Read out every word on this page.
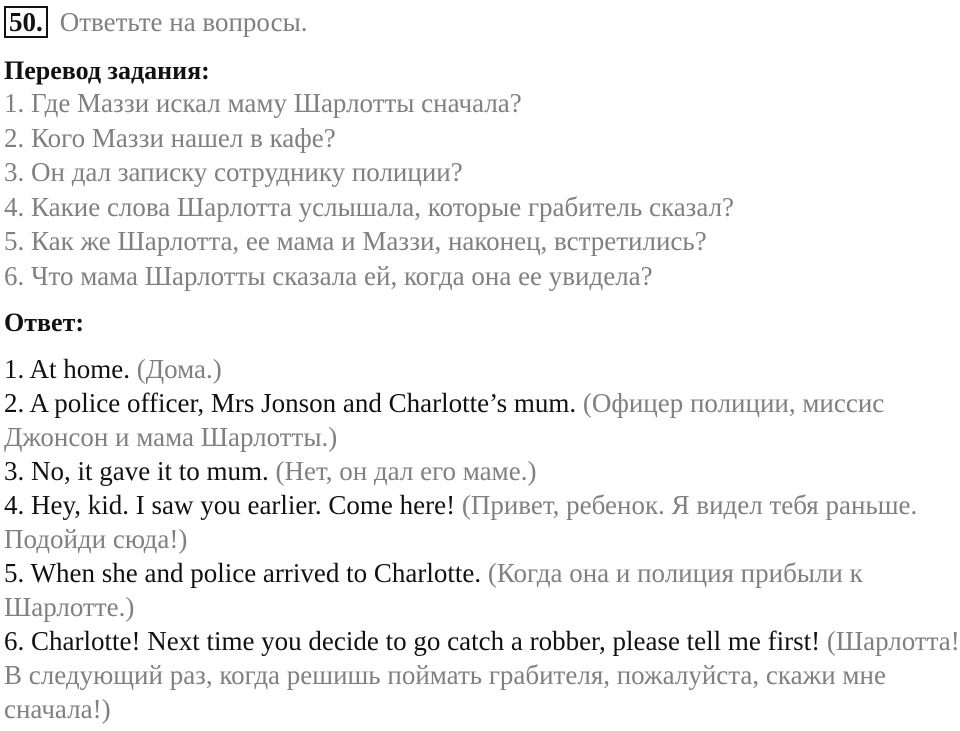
50. Ответьте на вопросы.
Перевод задания:
1. Где Маззи искал маму Шарлотты сначала?
2. Кого Маззи нашел в кафе?
3. Он дал записку сотруднику полиции?
4. Какие слова Шарлотта услышала, которые грабитель сказал?
5. Как же Шарлотта, ее мама и Маззи, наконец, встретились?
6. Что мама Шарлотты сказала ей, когда она ее увидела?
Ответ:
1. At home. (Дома.)
2. A police officer, Mrs Jonson and Charlotte’s mum. (Офицер полиции, миссис Джонсон и мама Шарлотты.)
3. No, it gave it to mum. (Нет, он дал его маме.)
4. Hey, kid. I saw you earlier. Come here! (Привет, ребенок. Я видел тебя раньше. Подойди сюда!)
5. When she and police arrived to Charlotte. (Когда она и полиция прибыли к Шарлотте.)
6. Charlotte! Next time you decide to go catch a robber, please tell me first! (Шарлотта! В следующий раз, когда решишь поймать грабителя, пожалуйста, скажи мне сначала!)
